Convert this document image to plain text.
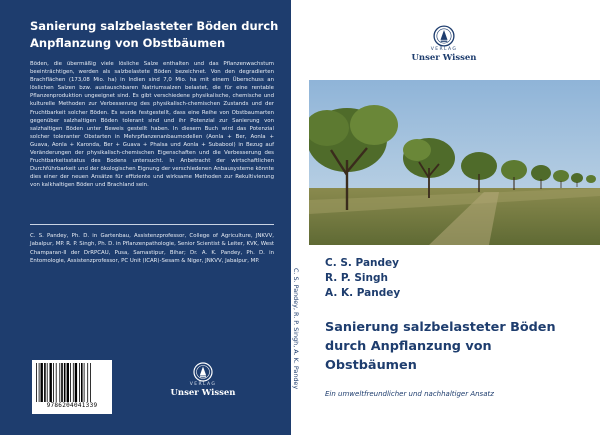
Sanierung salzbelasteter Böden durch
Anpflanzung von Obstbäumen
Böden, die übermäßig viele lösliche Salze enthalten und das Pflanzenwachstum beeinträchtigen, werden als salzbelastete Böden bezeichnet. Von den degradierten Brachflächen (173,08 Mio. ha) in Indien sind 7,0 Mio. ha mit einem Überschuss an löslichen Salzen bzw. austauschbaren Natriumsalzen belastet, die für eine rentable Pflanzenproduktion ungeeignet sind. Es gibt verschiedene physikalische, chemische und kulturelle Methoden zur Verbesserung des physikalisch-chemischen Zustands und der Fruchtbarkeit solcher Böden. Es wurde festgestellt, dass eine Reihe von Obstbaumarten gegenüber salzhaltigen Böden tolerant sind und ihr Potenzial zur Sanierung von salzhaltigen Böden unter Beweis gestellt haben. In diesem Buch wird das Potenzial solcher toleranter Obstarten in Mehrpflanzenanbaumodellen (Aonla + Ber, Aonla + Guava, Aonla + Karonda, Ber + Guava + Phalsa und Aonla + Subabool) in Bezug auf Veränderungen der physikalisch-chemischen Eigenschaften und die Verbesserung des Fruchtbarkeitsstatus des Bodens untersucht. In Anbetracht der wirtschaftlichen Durchführbarkeit und der ökologischen Eignung der verschiedenen Anbausysteme könnte dies einer der neuen Ansätze für effiziente und wirksame Methoden zur Rekultivierung von kalkhaltigen Böden und Brachland sein.
C. S. Pandey, Ph. D. in Gartenbau, Assistenzprofessor, College of Agriculture, JNKVV, Jabalpur, MP. R. P. Singh, Ph. D. in Pflanzenpathologie, Senior Scientist & Leiter, KVK, West Champaran-II der DrRPCAU, Pusa, Samastipur, Bihar; Dr. A. K. Pandey, Ph. D. in Entomologie, Assistenzprofessor, PC Unit (ICAR)-Sesam & Niger, JNKVV, Jabalpur, MP.
9786204041339
VERLAG
Unser Wissen
C. S. Pandey, R. P. Singh, A. K. Pandey
VERLAG
Unser Wissen
C. S. Pandey
R. P. Singh
A. K. Pandey
Sanierung salzbelasteter Böden
durch Anpflanzung von
Obstbäumen
Ein umweltfreundlicher und nachhaltiger Ansatz
